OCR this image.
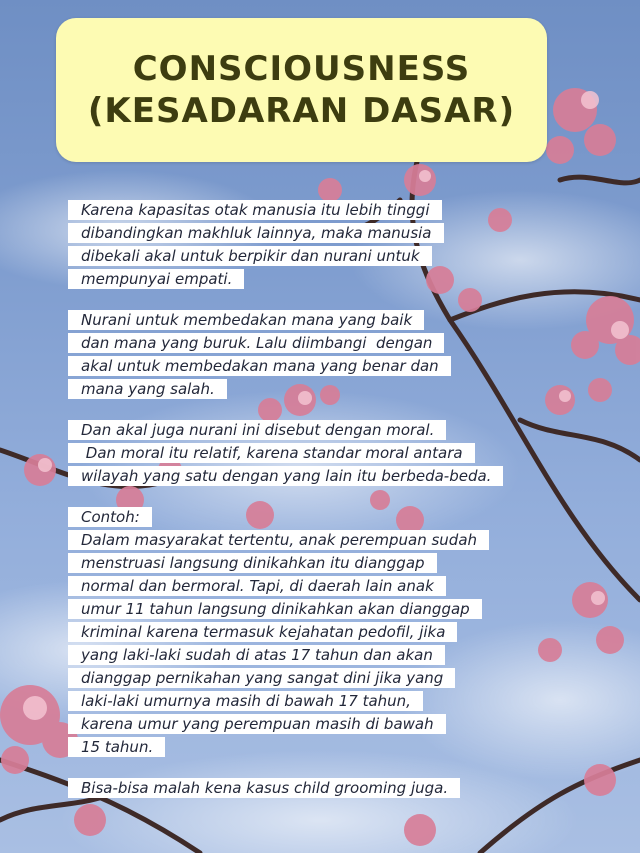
CONSCIOUSNESS
(KESADARAN DASAR)
Karena kapasitas otak manusia itu lebih tinggi
dibandingkan makhluk lainnya, maka manusia
dibekali akal untuk berpikir dan nurani untuk
mempunyai empati.
Nurani untuk membedakan mana yang baik
dan mana yang buruk. Lalu diimbangi  dengan
akal untuk membedakan mana yang benar dan
mana yang salah.
Dan akal juga nurani ini disebut dengan moral.
Dan moral itu relatif, karena standar moral antara
wilayah yang satu dengan yang lain itu berbeda-beda.
Contoh:
Dalam masyarakat tertentu, anak perempuan sudah
menstruasi langsung dinikahkan itu dianggap
normal dan bermoral. Tapi, di daerah lain anak
umur 11 tahun langsung dinikahkan akan dianggap
kriminal karena termasuk kejahatan pedofil, jika
yang laki-laki sudah di atas 17 tahun dan akan
dianggap pernikahan yang sangat dini jika yang
laki-laki umurnya masih di bawah 17 tahun,
karena umur yang perempuan masih di bawah
15 tahun.
Bisa-bisa malah kena kasus child grooming juga.
